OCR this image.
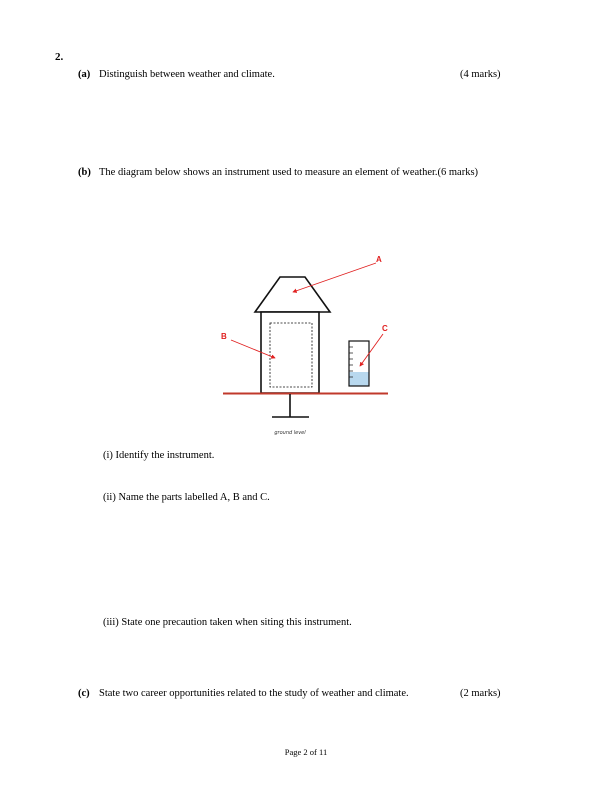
2.
(a) Distinguish between weather and climate.	(4 marks)
(b) The diagram below shows an instrument used to measure an element of weather.(6 marks)
ground level
A
B
C
(i) Identify the instrument.
(ii) Name the parts labelled A, B and C.
(iii) State one precaution taken when siting this instrument.
(c) State two career opportunities related to the study of weather and climate.	(2 marks)
Page 2 of 11
